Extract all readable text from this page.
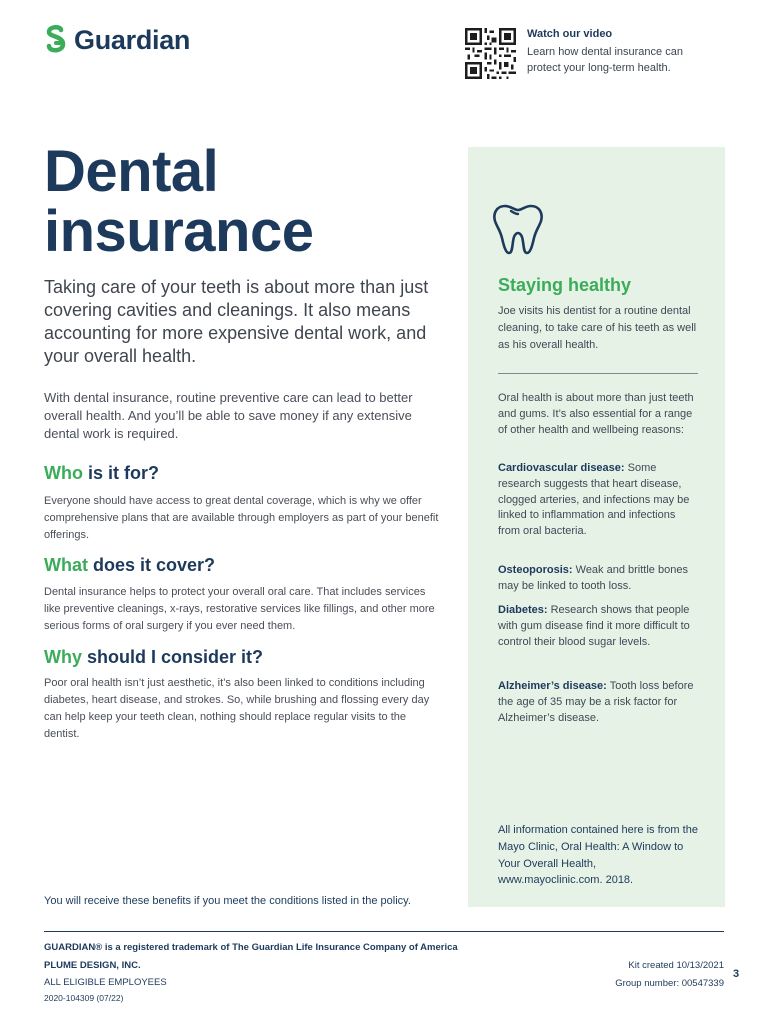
Guardian	Watch our video
Learn how dental insurance can protect your long-term health.
Dental
insurance
Taking care of your teeth is about more than just covering cavities and cleanings. It also means accounting for more expensive dental work, and your overall health.
With dental insurance, routine preventive care can lead to better overall health. And you’ll be able to save money if any extensive dental work is required.
Who is it for?
Everyone should have access to great dental coverage, which is why we offer comprehensive plans that are available through employers as part of your benefit offerings.
What does it cover?
Dental insurance helps to protect your overall oral care. That includes services like preventive cleanings, x-rays, restorative services like fillings, and other more serious forms of oral surgery if you ever need them.
Why should I consider it?
Poor oral health isn’t just aesthetic, it’s also been linked to conditions including diabetes, heart disease, and strokes. So, while brushing and flossing every day can help keep your teeth clean, nothing should replace regular visits to the dentist.
You will receive these benefits if you meet the conditions listed in the policy.
Staying healthy
Joe visits his dentist for a routine dental cleaning, to take care of his teeth as well as his overall health.
Oral health is about more than just teeth and gums. It’s also essential for a range of other health and wellbeing reasons:
Cardiovascular disease: Some research suggests that heart disease, clogged arteries, and infections may be linked to inflammation and infections from oral bacteria.
Osteoporosis: Weak and brittle bones may be linked to tooth loss.
Diabetes: Research shows that people with gum disease find it more difficult to control their blood sugar levels.
Alzheimer’s disease: Tooth loss before the age of 35 may be a risk factor for Alzheimer’s disease.
All information contained here is from the Mayo Clinic, Oral Health: A Window to Your Overall Health, www.mayoclinic.com. 2018.
GUARDIAN® is a registered trademark of The Guardian Life Insurance Company of America
PLUME DESIGN, INC.
ALL ELIGIBLE EMPLOYEES
2020-104309 (07/22)
Kit created 10/13/2021
Group number: 00547339
3
